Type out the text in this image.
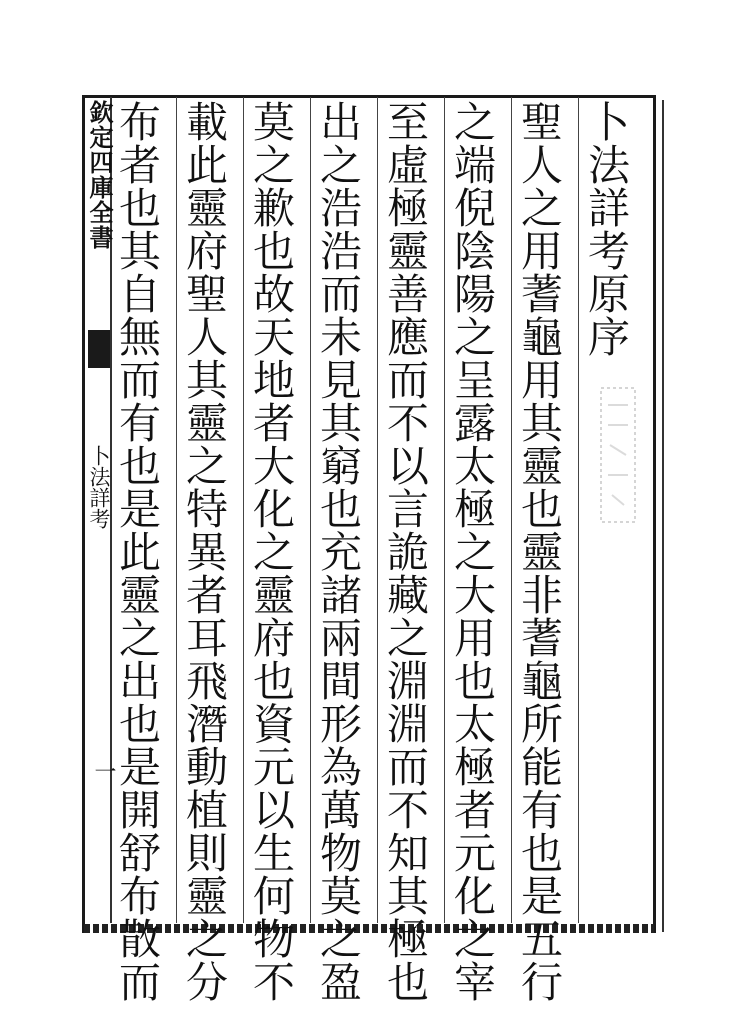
欽定四庫全書
卜法詳考
一
卜法詳考原序
聖人之用蓍龜用其靈也靈非蓍龜所能有也是五行
之端倪陰陽之呈露太極之大用也太極者元化之宰
至虛極靈善應而不以言詭藏之淵淵而不知其極也
出之浩浩而未見其窮也充諸兩間形為萬物莫之盈
莫之歉也故天地者大化之靈府也資元以生何物不
載此靈府聖人其靈之特異者耳飛潛動植則靈之分
布者也其自無而有也是此靈之出也是開舒布散而
